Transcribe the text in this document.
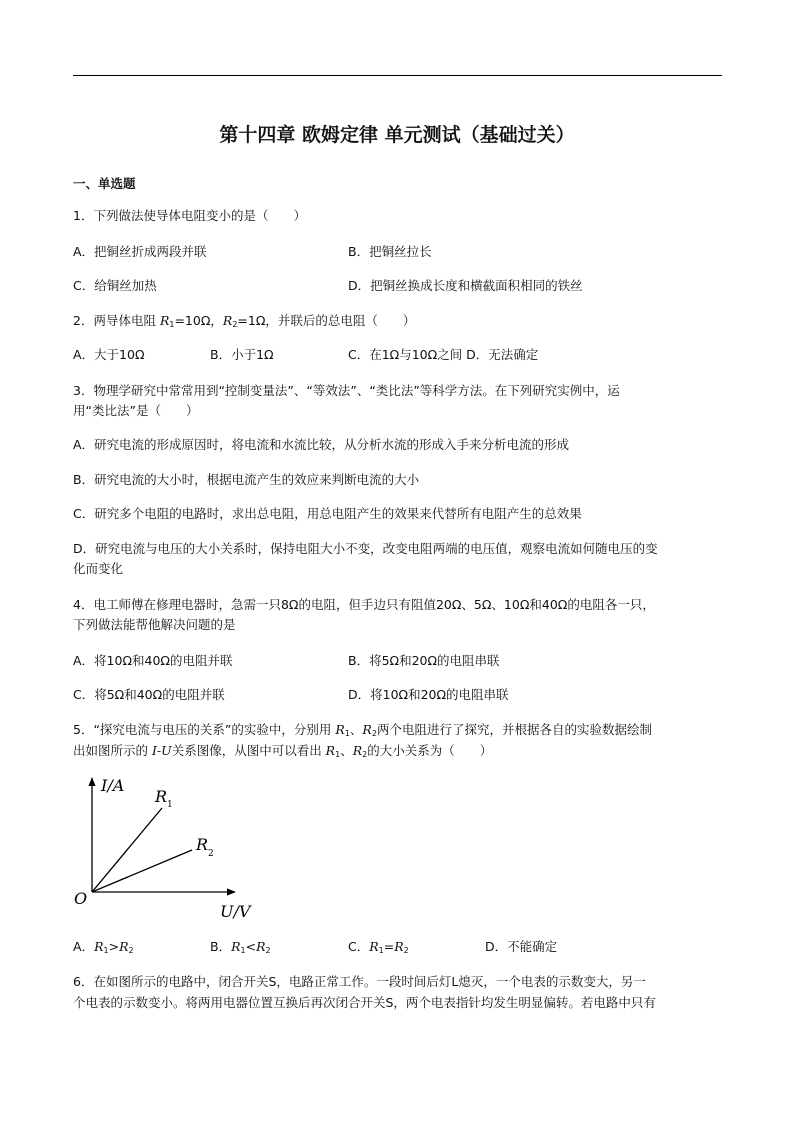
第十四章 欧姆定律 单元测试（基础过关）
一、单选题
1．下列做法使导体电阻变小的是（　　）
A．把铜丝折成两段并联	B．把铜丝拉长
C．给铜丝加热	D．把铜丝换成长度和横截面积相同的铁丝
2．两导体电阻 $R_1=10\Omega$，$R_2=1\Omega$，并联后的总电阻（　　）
A．大于10Ω	B．小于1Ω	C．在1Ω与10Ω之间 D．无法确定
3．物理学研究中常常用到“控制变量法”、“等效法”、“类比法”等科学方法。在下列研究实例中，运
用“类比法”是（　　）
A．研究电流的形成原因时，将电流和水流比较，从分析水流的形成入手来分析电流的形成
B．研究电流的大小时，根据电流产生的效应来判断电流的大小
C．研究多个电阻的电路时，求出总电阻，用总电阻产生的效果来代替所有电阻产生的总效果
D．研究电流与电压的大小关系时，保持电阻大小不变，改变电阻两端的电压值，观察电流如何随电压的变
化而变化
4．电工师傅在修理电器时，急需一只8Ω的电阻，但手边只有阻值20Ω、5Ω、10Ω和40Ω的电阻各一只，
下列做法能帮他解决问题的是
A．将10Ω和40Ω的电阻并联	B．将5Ω和20Ω的电阻串联
C．将5Ω和40Ω的电阻并联	D．将10Ω和20Ω的电阻串联
5．“探究电流与电压的关系”的实验中，分别用 $R_1$、$R_2$两个电阻进行了探究，并根据各自的实验数据绘制
出如图所示的 I-U关系图像，从图中可以看出 $R_1$、$R_2$的大小关系为（　　）
I/A
U/V
O
R 1
R 2
A．$R_1>R_2$	B．$R_1<R_2$	C．$R_1=R_2$	D．不能确定
6．在如图所示的电路中，闭合开关S，电路正常工作。一段时间后灯L熄灭，一个电表的示数变大，另一
个电表的示数变小。将两用电器位置互换后再次闭合开关S，两个电表指针均发生明显偏转。若电路中只有
